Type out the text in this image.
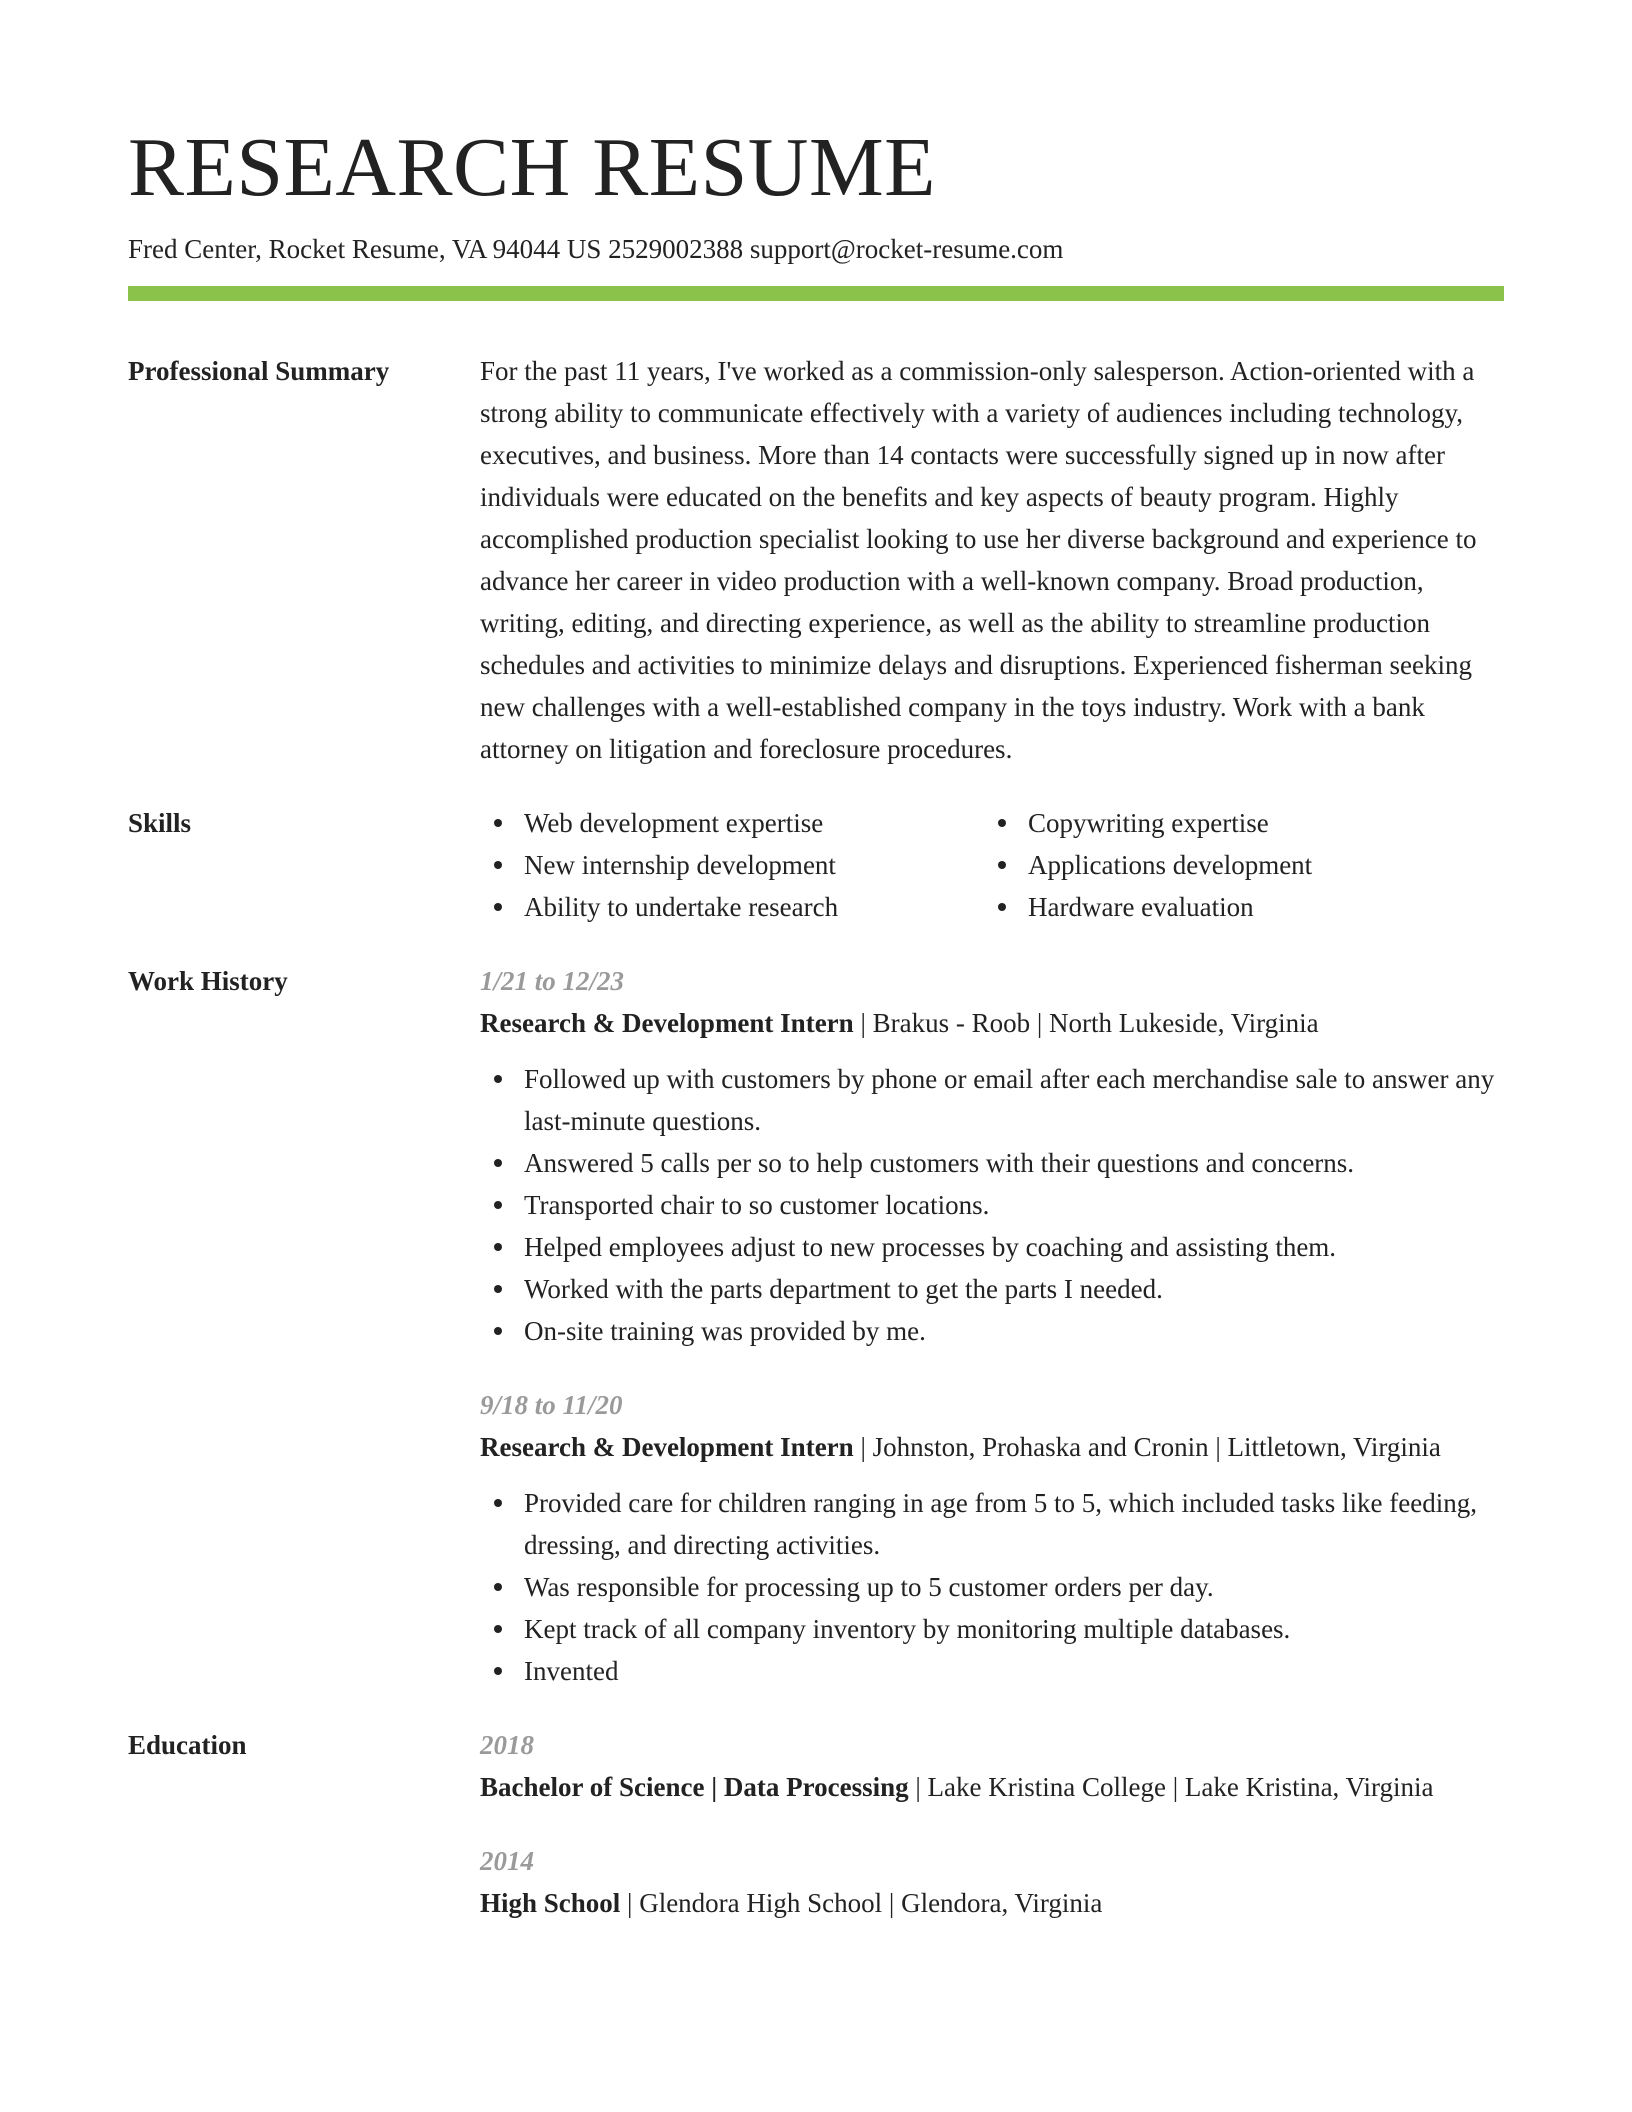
RESEARCH RESUME
Fred Center, Rocket Resume, VA 94044 US 2529002388 support@rocket-resume.com
Professional Summary	For the past 11 years, I've worked as a commission-only salesperson. Action-oriented with a strong ability to communicate effectively with a variety of audiences including technology, executives, and business. More than 14 contacts were successfully signed up in now after individuals were educated on the benefits and key aspects of beauty program. Highly accomplished production specialist looking to use her diverse background and experience to advance her career in video production with a well-known company. Broad production, writing, editing, and directing experience, as well as the ability to streamline production schedules and activities to minimize delays and disruptions. Experienced fisherman seeking new challenges with a well-established company in the toys industry. Work with a bank attorney on litigation and foreclosure procedures.

Skills	Web development expertise
New internship development
Ability to undertake research
Copywriting expertise
Applications development
Hardware evaluation
Work History	1/21 to 12/23
Research & Development Intern | Brakus - Roob | North Lukeside, Virginia
Followed up with customers by phone or email after each merchandise sale to answer any last-minute questions.
Answered 5 calls per so to help customers with their questions and concerns.
Transported chair to so customer locations.
Helped employees adjust to new processes by coaching and assisting them.
Worked with the parts department to get the parts I needed.
On-site training was provided by me.
9/18 to 11/20
Research & Development Intern | Johnston, Prohaska and Cronin | Littletown, Virginia
Provided care for children ranging in age from 5 to 5, which included tasks like feeding, dressing, and directing activities.
Was responsible for processing up to 5 customer orders per day.
Kept track of all company inventory by monitoring multiple databases.
Invented
Education	2018
Bachelor of Science | Data Processing | Lake Kristina College | Lake Kristina, Virginia
2014
High School | Glendora High School | Glendora, Virginia
